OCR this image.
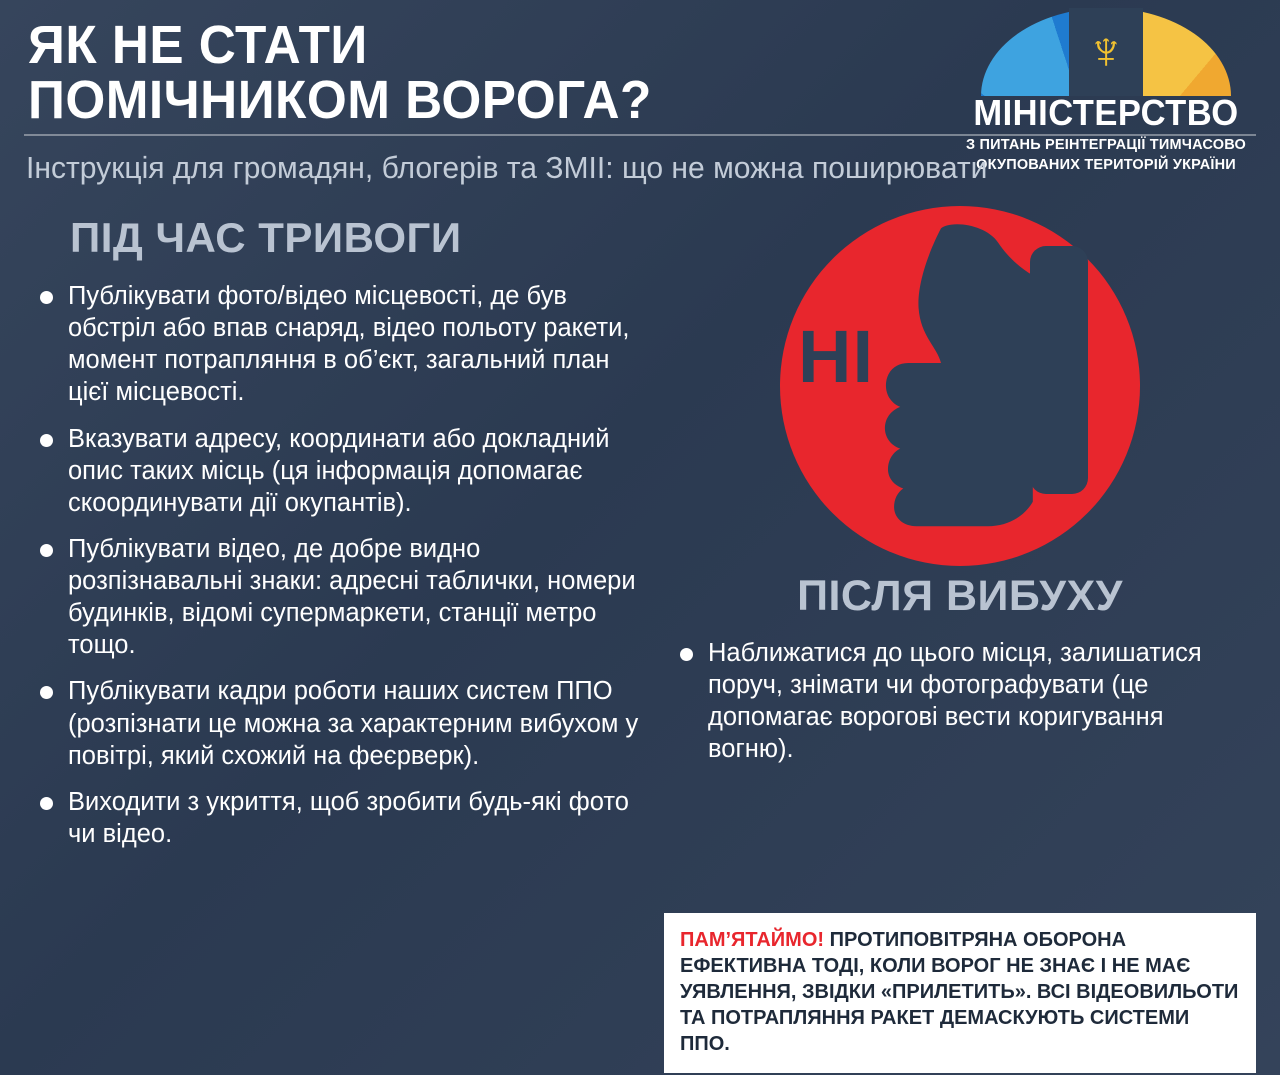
ЯК НЕ СТАТИ
ПОМІЧНИКОМ ВОРОГА?
♆
МІНІСТЕРСТВО
З ПИТАНЬ РЕІНТЕГРАЦІЇ ТИМЧАСОВО
ОКУПОВАНИХ ТЕРИТОРІЙ УКРАЇНИ
Інструкція для громадян, блогерів та ЗМІІ: що не можна поширювати
ПІД ЧАС ТРИВОГИ
Публікувати фото/відео місцевості, де був обстріл або впав снаряд, відео польоту ракети, момент потрапляння в об’єкт, загальний план цієї місцевості.
Вказувати адресу, координати або докладний опис таких місць (ця інформація допомагає скоординувати дії окупантів).
Публікувати відео, де добре видно розпізнавальні знаки: адресні таблички, номери будинків, відомі супермаркети, станції метро тощо.
Публікувати кадри роботи наших систем ППО (розпізнати це можна за характерним вибухом у повітрі, який схожий на феєрверк).
Виходити з укриття, щоб зробити будь-які фото чи відео.
НІ
ПІСЛЯ ВИБУХУ
Наближатися до цього місця, залишатися поруч, знімати чи фотографувати (це допомагає ворогові вести коригування вогню).
ПАМ’ЯТАЙМО! ПРОТИПОВІТРЯНА ОБОРОНА ЕФЕКТИВНА ТОДІ, КОЛИ ВОРОГ НЕ ЗНАЄ І НЕ МАЄ УЯВЛЕННЯ, ЗВІДКИ «ПРИЛЕТИТЬ». ВСІ ВІДЕОВИЛЬОТИ ТА ПОТРАПЛЯННЯ РАКЕТ ДЕМАСКУЮТЬ СИСТЕМИ ППО.
